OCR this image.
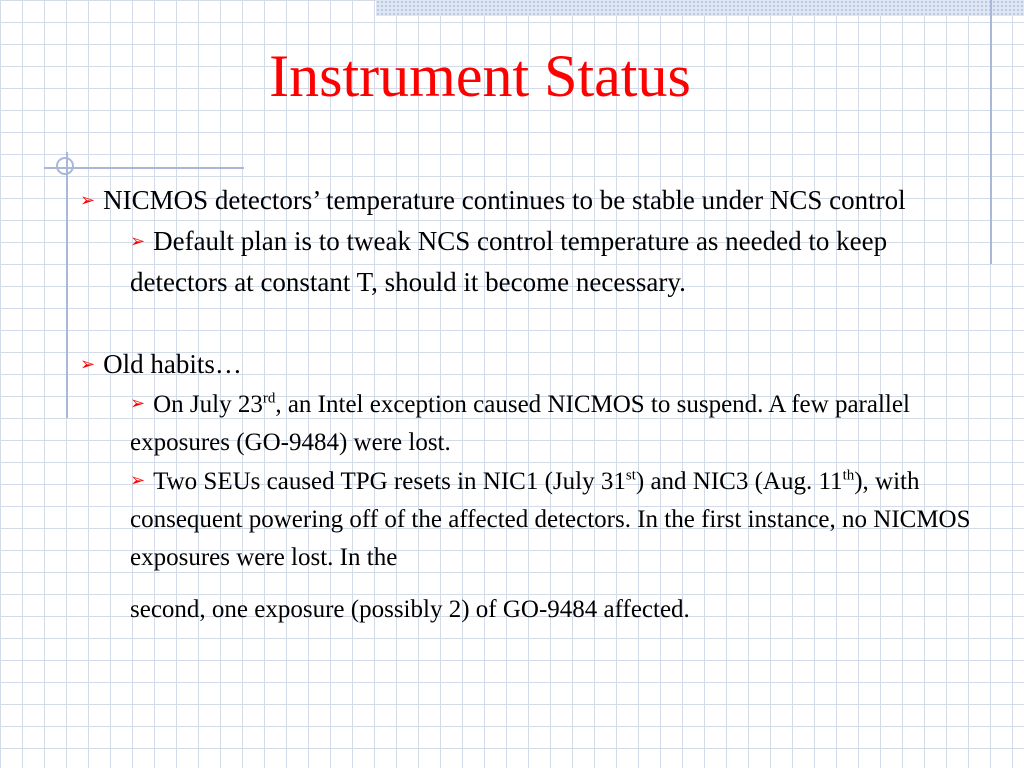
Instrument Status
➢ NICMOS detectors’ temperature continues to be stable under NCS control
➢ Default plan is to tweak NCS control temperature as needed to keep detectors at constant T, should it become necessary.
➢ Old habits…
➢ On July 23rd, an Intel exception caused NICMOS to suspend. A few parallel exposures (GO-9484) were lost.
➢ Two SEUs caused TPG resets in NIC1 (July 31st) and NIC3 (Aug. 11th), with consequent powering off of the affected detectors. In the first instance, no NICMOS exposures were lost. In the
second, one exposure (possibly 2) of GO-9484 affected.
